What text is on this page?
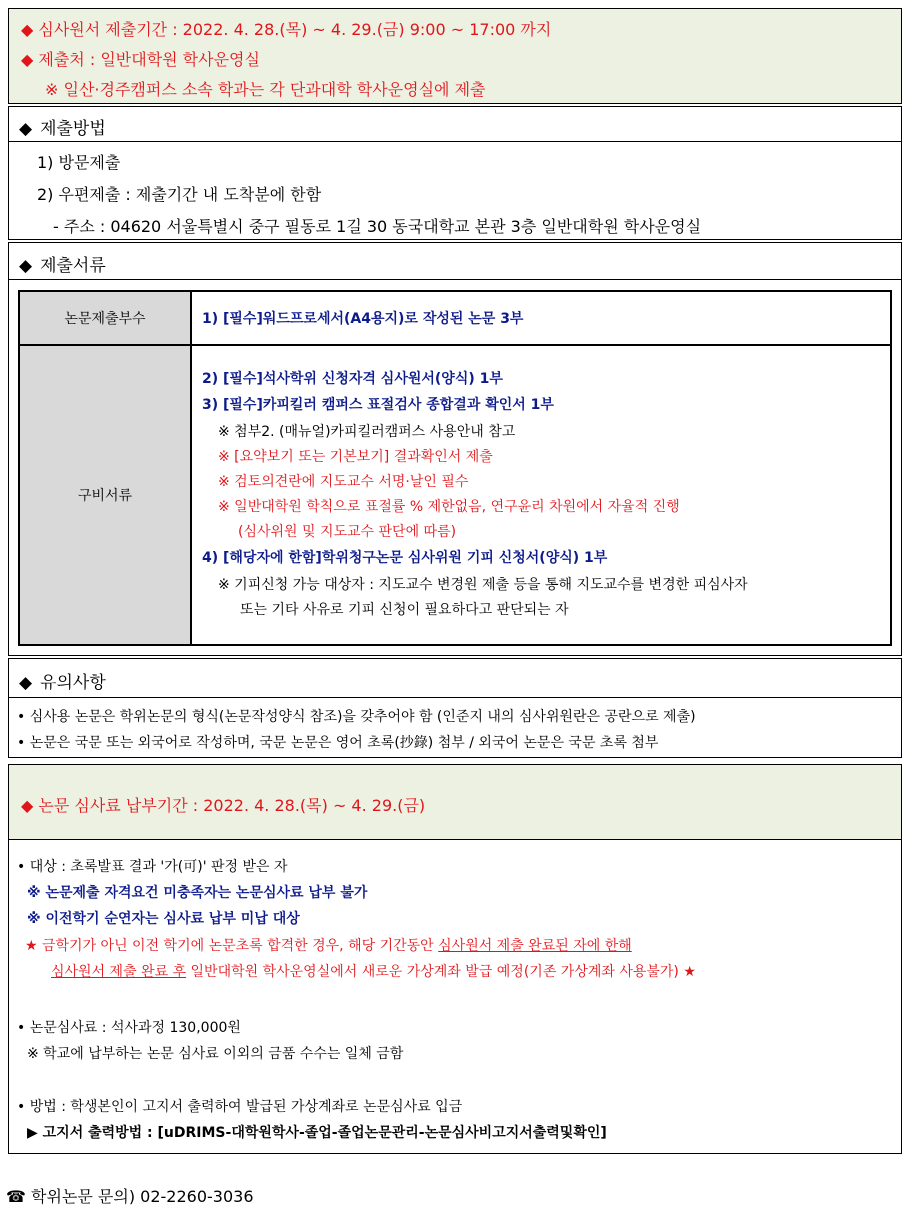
◆ 심사원서 제출기간 : 2022. 4. 28.(목) ~ 4. 29.(금) 9:00 ~ 17:00 까지
◆ 제출처 : 일반대학원 학사운영실
※ 일산·경주캠퍼스 소속 학과는 각 단과대학 학사운영실에 제출
◆ 제출방법
1) 방문제출
2) 우편제출 : 제출기간 내 도착분에 한함
- 주소 : 04620 서울특별시 중구 필동로 1길 30 동국대학교 본관 3층 일반대학원 학사운영실
◆ 제출서류
논문제출부수	1) [필수]워드프로세서(A4용지)로 작성된 논문 3부
구비서류
2) [필수]석사학위 신청자격 심사원서(양식) 1부
3) [필수]카피킬러 캠퍼스 표절검사 종합결과 확인서 1부
※ 첨부2. (매뉴얼)카피킬러캠퍼스 사용안내 참고
※ [요약보기 또는 기본보기] 결과확인서 제출
※ 검토의견란에 지도교수 서명·날인 필수
※ 일반대학원 학칙으로 표절률 % 제한없음, 연구윤리 차원에서 자율적 진행
(심사위원 및 지도교수 판단에 따름)
4) [해당자에 한함]학위청구논문 심사위원 기피 신청서(양식) 1부
※ 기피신청 가능 대상자 : 지도교수 변경원 제출 등을 통해 지도교수를 변경한 피심사자
또는 기타 사유로 기피 신청이 필요하다고 판단되는 자
◆ 유의사항
• 심사용 논문은 학위논문의 형식(논문작성양식 참조)을 갖추어야 함 (인준지 내의 심사위원란은 공란으로 제출)
• 논문은 국문 또는 외국어로 작성하며, 국문 논문은 영어 초록(抄錄) 첨부 / 외국어 논문은 국문 초록 첨부
◆ 논문 심사료 납부기간 : 2022. 4. 28.(목) ~ 4. 29.(금)
• 대상 : 초록발표 결과 '가(可)' 판정 받은 자
※ 논문제출 자격요건 미충족자는 논문심사료 납부 불가
※ 이전학기 순연자는 심사료 납부 미납 대상
★ 금학기가 아닌 이전 학기에 논문초록 합격한 경우, 해당 기간동안 심사원서 제출 완료된 자에 한해
심사원서 제출 완료 후 일반대학원 학사운영실에서 새로운 가상계좌 발급 예정(기존 가상계좌 사용불가) ★
• 논문심사료 : 석사과정 130,000원
※ 학교에 납부하는 논문 심사료 이외의 금품 수수는 일체 금함
• 방법 : 학생본인이 고지서 출력하여 발급된 가상계좌로 논문심사료 입금
▶ 고지서 출력방법 : [uDRIMS-대학원학사-졸업-졸업논문관리-논문심사비고지서출력및확인]
☎ 학위논문 문의) 02-2260-3036
